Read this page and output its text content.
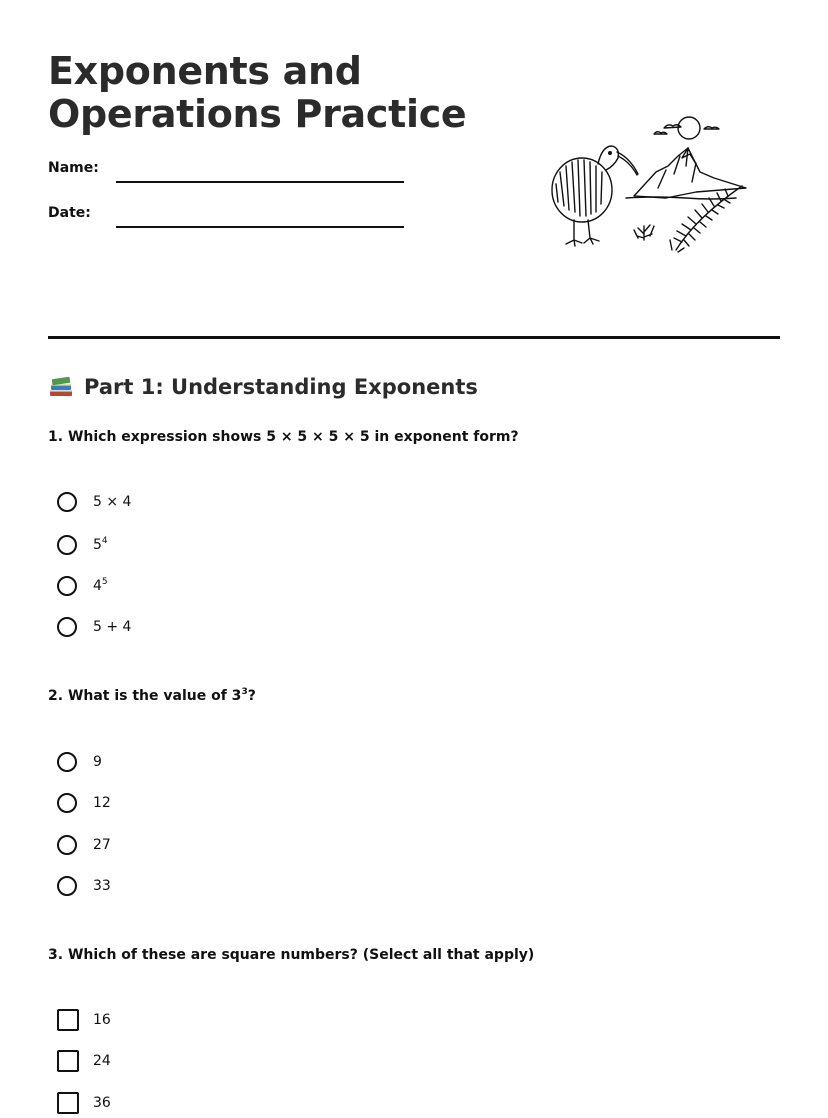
Exponents and
Operations Practice
Name:
Date:
Part 1: Understanding Exponents
1. Which expression shows 5 × 5 × 5 × 5 in exponent form?
5 × 4
$5^4$
$4^5$
5 + 4
2. What is the value of $3^3$?
9
12
27
33
3. Which of these are square numbers? (Select all that apply)
16
24
36
